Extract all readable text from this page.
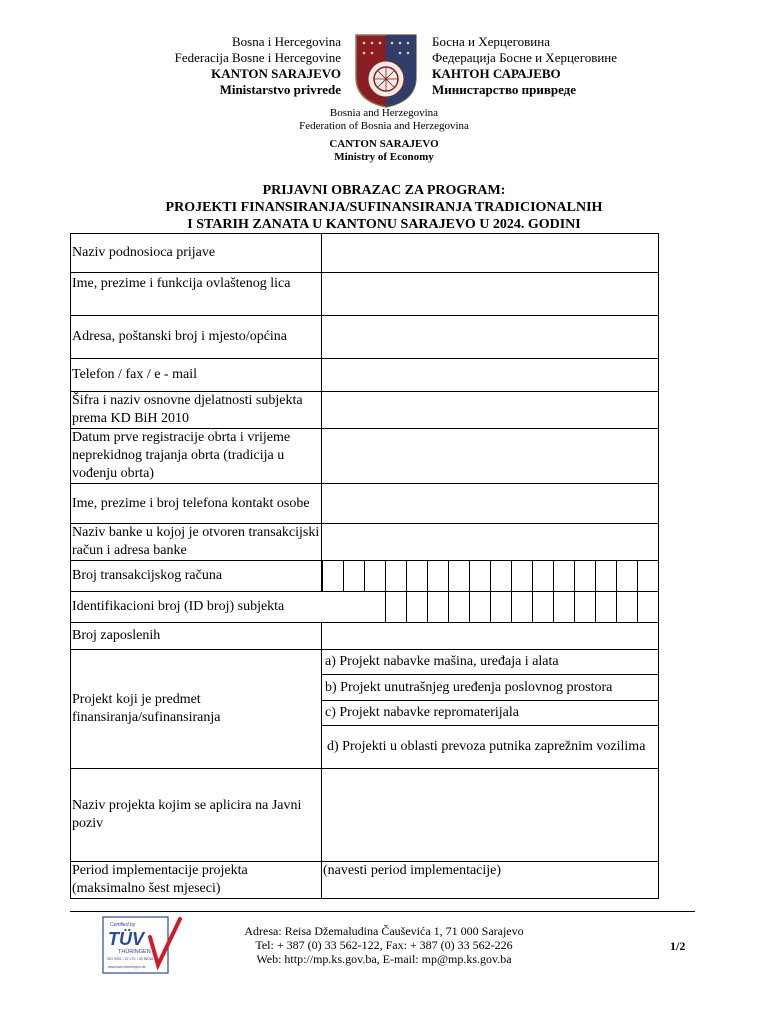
Bosna i Hercegovina
Federacija Bosne i Hercegovine
KANTON SARAJEVO
Ministarstvo privrede
Босна и Херцеговина
Федерација Босне и Херцеговине
КАНТОН САРАЈЕВО
Министарство привреде
Bosnia and Herzegovina
Federation of Bosnia and Herzegovina
CANTON SARAJEVO
Ministry of Economy
PRIJAVNI OBRAZAC ZA PROGRAM:
PROJEKTI FINANSIRANJA/SUFINANSIRANJA TRADICIONALNIH
I STARIH ZANATA U KANTONU SARAJEVO U 2024. GODINI
Naziv podnosioca prijave	
Ime, prezime i funkcija ovlaštenog lica	
Adresa, poštanski broj i mjesto/općina	
Telefon / fax / e - mail	
Šifra i naziv osnovne djelatnosti subjekta prema KD BiH 2010	
Datum prve registracije obrta i vrijeme neprekidnog trajanja obrta (tradicija u vođenju obrta)	
Ime, prezime i broj telefona kontakt osobe	
Naziv banke u kojoj je otvoren transakcijski račun i adresa banke	
Broj transakcijskog računa	

Identifikacioni broj (ID broj) subjekta	

Broj zaposlenih	
Projekt koji je predmet finansiranja/sufinansiranja	a) Projekt nabavke mašina, uređaja i alata
	b) Projekt unutrašnjeg uređenja poslovnog prostora
	c) Projekt nabavke repromaterijala

	d) Projekti u oblasti prevoza putnika zaprežnim vozilima

Naziv projekta kojim se aplicira na Javni poziv	
Period implementacije projekta (maksimalno šest mjeseci)	(navesti period implementacije)
Certified by
TÜV
THÜRINGEN
ISO 9001 / 22 LTC / 00 INDIA
www.tuev-thueringen.de
Adresa: Reisa Džemaludina Čauševića 1, 71 000 Sarajevo
Tel: + 387 (0) 33 562-122, Fax: + 387 (0) 33 562-226
Web: http://mp.ks.gov.ba, E-mail: mp@mp.ks.gov.ba
1/2
